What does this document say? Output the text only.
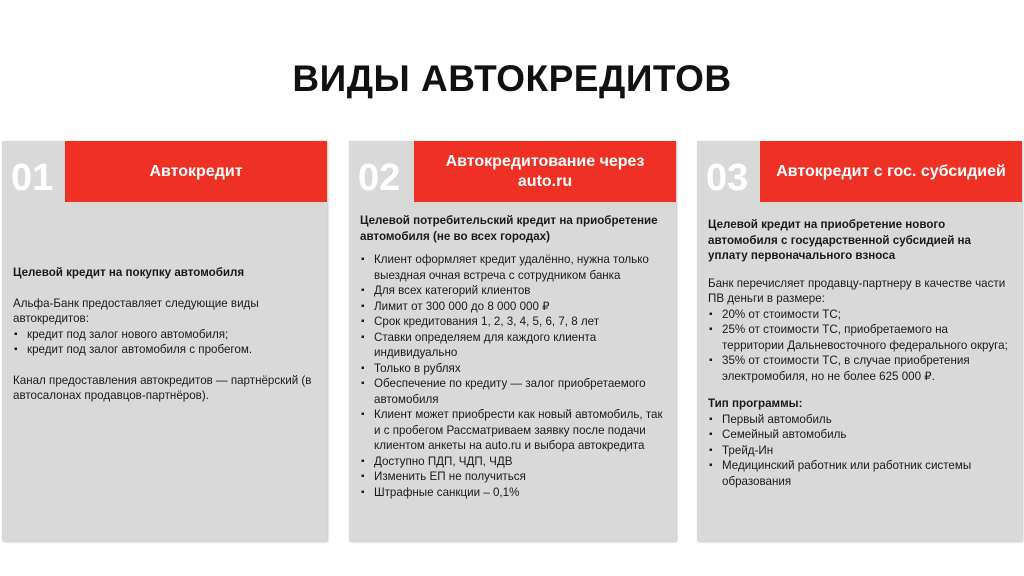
ВИДЫ АВТОКРЕДИТОВ
01	Автокредит

Целевой кредит на покупку автомобиля

Альфа-Банк предоставляет следующие виды автокредитов:

▪ кредит под залог нового автомобиля;
▪ кредит под залог автомобиля с пробегом.

Канал предоставления автокредитов — партнёрский (в автосалонах продавцов-партнёров).

02	Автокредитование через auto.ru

Целевой потребительский кредит на приобретение автомобиля (не во всех городах)

▪ Клиент оформляет кредит удалённо, нужна только выездная очная встреча с сотрудником банка
▪ Для всех категорий клиентов
▪ Лимит от 300 000 до 8 000 000 ₽
▪ Срок кредитования 1, 2, 3, 4, 5, 6, 7, 8 лет
▪ Ставки определяем для каждого клиента индивидуально
▪ Только в рублях
▪ Обеспечение по кредиту — залог приобретаемого автомобиля
▪ Клиент может приобрести как новый автомобиль, так и с пробегом Рассматриваем заявку после подачи клиентом анкеты на auto.ru и выбора автокредита
▪ Доступно ПДП, ЧДП, ЧДВ
▪ Изменить ЕП не получиться
▪ Штрафные санкции – 0,1%
03	Автокредит с гос. субсидией

Целевой кредит на приобретение нового автомобиля с государственной субсидией на уплату первоначального взноса

Банк перечисляет продавцу-партнеру в качестве части ПВ деньги в размере:

▪ 20% от стоимости ТС;
▪ 25% от стоимости ТС, приобретаемого на территории Дальневосточного федерального округа;
▪ 35% от стоимости ТС, в случае приобретения электромобиля, но не более 625 000 ₽.

Тип программы:

▪ Первый автомобиль
▪ Семейный автомобиль
▪ Трейд-Ин
▪ Медицинский работник или работник системы образования
